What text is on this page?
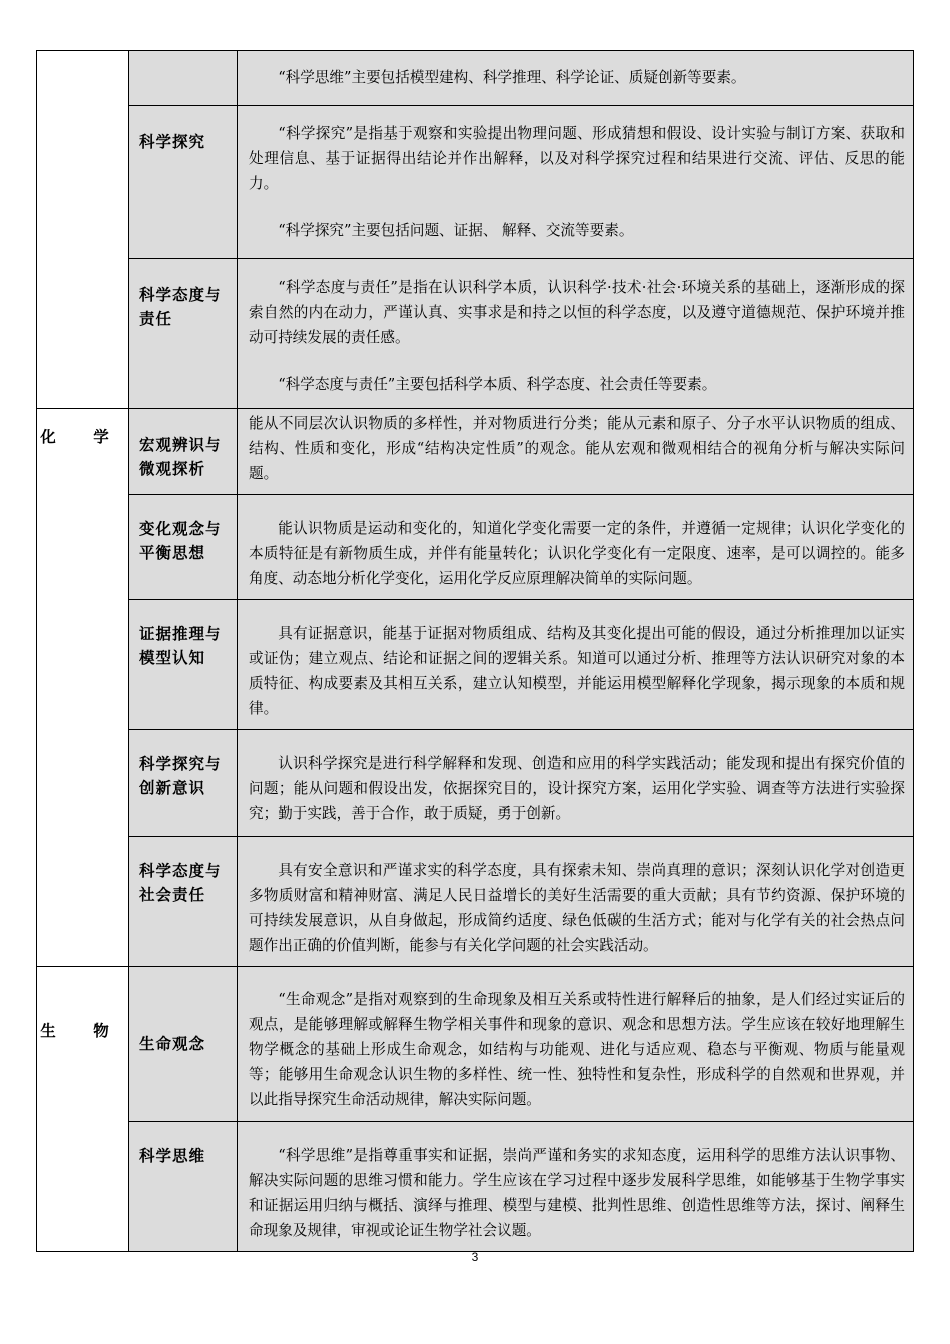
		“科学思维”主要包括模型建构、科学推理、科学论证、质疑创新等要素。

	科学探究	“科学探究”是指基于观察和实验提出物理问题、形成猜想和假设、设计实验与制订方案、获取和处理信息、基于证据得出结论并作出解释，以及对科学探究过程和结果进行交流、评估、反思的能力。

“科学探究”主要包括问题、证据、 解释、交流等要素。

	科学态度与责任	“科学态度与责任”是指在认识科学本质，认识科学·技术·社会·环境关系的基础上，逐渐形成的探索自然的内在动力，严谨认真、实事求是和持之以恒的科学态度，以及遵守道德规范、保护环境并推动可持续发展的责任感。

“科学态度与责任”主要包括科学本质、科学态度、社会责任等要素。

化 学	宏观辨识与微观探析	能从不同层次认识物质的多样性，并对物质进行分类；能从元素和原子、分子水平认识物质的组成、结构、性质和变化，形成“结构决定性质”的观念。能从宏观和微观相结合的视角分析与解决实际问题。

	变化观念与平衡思想	能认识物质是运动和变化的，知道化学变化需要一定的条件，并遵循一定规律；认识化学变化的本质特征是有新物质生成，并伴有能量转化；认识化学变化有一定限度、速率，是可以调控的。能多角度、动态地分析化学变化，运用化学反应原理解决简单的实际问题。

	证据推理与模型认知	具有证据意识，能基于证据对物质组成、结构及其变化提出可能的假设，通过分析推理加以证实或证伪；建立观点、结论和证据之间的逻辑关系。知道可以通过分析、推理等方法认识研究对象的本质特征、构成要素及其相互关系，建立认知模型，并能运用模型解释化学现象，揭示现象的本质和规律。

	科学探究与创新意识	认识科学探究是进行科学解释和发现、创造和应用的科学实践活动；能发现和提出有探究价值的问题；能从问题和假设出发，依据探究目的，设计探究方案，运用化学实验、调查等方法进行实验探究；勤于实践，善于合作，敢于质疑，勇于创新。

	科学态度与社会责任	具有安全意识和严谨求实的科学态度，具有探索未知、崇尚真理的意识；深刻认识化学对创造更多物质财富和精神财富、满足人民日益增长的美好生活需要的重大贡献；具有节约资源、保护环境的可持续发展意识，从自身做起，形成简约适度、绿色低碳的生活方式；能对与化学有关的社会热点问题作出正确的价值判断，能参与有关化学问题的社会实践活动。

生 物	生命观念	“生命观念”是指对观察到的生命现象及相互关系或特性进行解释后的抽象，是人们经过实证后的观点，是能够理解或解释生物学相关事件和现象的意识、观念和思想方法。学生应该在较好地理解生物学概念的基础上形成生命观念，如结构与功能观、进化与适应观、稳态与平衡观、物质与能量观等；能够用生命观念认识生物的多样性、统一性、独特性和复杂性，形成科学的自然观和世界观，并以此指导探究生命活动规律，解决实际问题。

	科学思维	“科学思维”是指尊重事实和证据，崇尚严谨和务实的求知态度，运用科学的思维方法认识事物、解决实际问题的思维习惯和能力。学生应该在学习过程中逐步发展科学思维，如能够基于生物学事实和证据运用归纳与概括、演绎与推理、模型与建模、批判性思维、创造性思维等方法，探讨、阐释生命现象及规律，审视或论证生物学社会议题。

3
